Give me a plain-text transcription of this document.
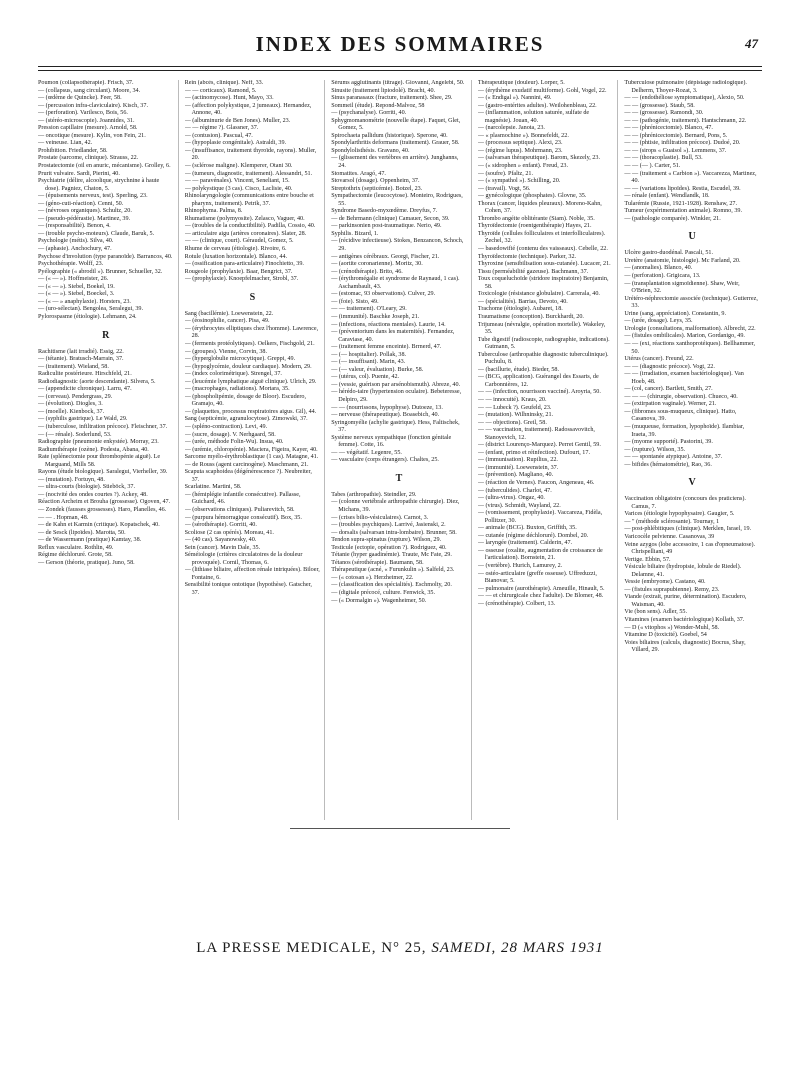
INDEX DES SOMMAIRES	47

Poumon (collapsothérapie). Frisch, 37.

— (collapsus, sang circulant). Moore, 34.

— (œdème de Quincke). Feer, 58.

— (percussion infra-claviculaire). Kisch, 37.

— (perforation). Varilesco, Bois, 56.

— (stéréo-microscopie). Joannides, 31.

Pression capillaire (mesure). Arnold, 58.

— oncotique (mesure). Kylin, von Fein, 21.

— veineuse. Lian, 42.

Prohibition. Friedlander, 58.

Prostate (sarcome, clinique). Strauss, 22.

Prostatectomie (oil en anuric, mécanisme). Grolley, 6.

Prurit vulvaire. Sardi, Pierini, 40.

Psychiatrie (délire, alcoolique, strychnine à haute dose). Pagniez, Chaton, 5.

— (épuisements nerveux, test). Sperling, 23.

— (géno-cuti-réaction). Cenni, 50.

— (névroses organiques). Schultz, 20.

— (pseudo-pédérastie). Martinez, 39.

— (responsabilité). Benon, 4.

— (trouble psycho-moteurs). Claude, Baruk, 5.

Psychologie (métis). Silva, 40.

— (aphasie). Anchochury, 47.

Psychose d'involution (type paranoïde). Barrancos, 40.

Psychothérapie. Wolff, 23.

Pyélographie (« abrodil »). Brunner, Schueller, 32.

— (« — »). Hoffmeister, 26.

— (« — »). Siebel, Boekel, 19.

— (« — »). Siebel, Boeckel, 3.

— (« — » anaphylaxie). Horsters, 23.

— (uro-sélectan). Bengolea, Seralegui, 39.

Pylorospasme (étiologie). Lehmann, 24.

R

Rachitisme (lait irradié). Essig, 22.

— (tétanie). Bratusch-Marrain, 37.

— (traitement). Wieland, 58.

Radiculite postérieure. Hirschfeld, 21.

Radiodiagnostic (aorte descendante). Silvera, 5.

— (appendicite chronique). Larru, 47.

— (cerveau). Pendergrass, 29.

— (évolution). Diogles, 3.

— (moelle). Kienbock, 37.

— (syphilis gastrique). Le Wald, 29.

— (tuberculose, infiltration précoce). Fleischner, 37.

— (— rénale). Soderlund, 53.

Radiographie (pneumonie enkystée). Morray, 23.

Radiumthérapie (ozène). Podesta, Abana, 40.

Rate (splénectomie pour thrombopénie aiguë). Le Marguand, Mills 58.

Rayons (étude biologique). Saralegui, Vierheller, 39.

— (mutation). Fortuyn, 48.

— ultra-courts (biologie). Stieböck, 37.

— (nocivité des ondes courtes ?). Ackey, 48.

Réaction Archeim et Brouha (grossesse). Ogoven, 47.

— Zondek (fausses grossesses). Haro, Planelles, 46.

— — . Hopman, 48.

— de Kahn et Karmin (critique). Kopatschek, 40.

— de Sesck (lipoïdes). Marotta, 50.

— de Wassermann (pratique) Kamtay, 38.

Reflux vasculaire. Rothlin, 49.

Régime déchloruré. Grote, 58.

— Gerson (théorie, pratique). Juno, 58.

Rein (abcès, clinique). Neff, 33.

— — corticaux). Ramond, 5.

— (actinomycose). Hunt, Mayo, 33.

— (affection polykystique, 2 jumeaux). Hernandez, Annone, 40.

— (albuminurie de Ben Jones). Muller, 23.

— — régime ?). Glassner, 37.

— (contusion). Pascual, 47.

— (hypoplasie congénitale). Astraldi, 39.

— (insuffisance, traitement thyroïde, rayons). Muller, 20.

— (sclérose maligne). Klemperer, Otani 30.

— (tumeurs, diagnostic, traitement). Alessandri, 51.

— — paravénales). Vincent, Seneliant, 15.

— polykystique (3 cas). Cisco, Laclisie, 40.

Rhinolaryngologie (communications entre bouche et pharynx, traitement). Petrik, 37.

Rhinophyma. Palma, 8.

Rhumatisme (polymyosite). Zelasco, Vaguer, 40.

— (troubles de la conductibilité). Padilla, Cossio, 40.

— articulaire aigu (artères coronaires). Slater, 28.

— — (clinique, court). Géraudel, Gomez, 5.

Rhume de cerveau (étiologie). Rivoire, 6.

Rotule (luxation horizontale). Blanco, 44.

— (ossification para-articulaire) Finochietto, 39.

Rougeole (prophylaxie). Baar, Bengrict, 37.

— (prophylaxie). Knoepfelmacher, Strobl, 37.

S

Sang (bacillémie). Loewenstein, 22.

— (éosinophilie, cancer). Pisa, 49.

— (érythrocytes elliptiques chez l'homme). Lawrence, 28.

— (ferments protéolytiques). Oelkers, Fischgold, 21.

— (groupes). Vienne, Corvin, 38.

— (hyperglobulie microcytique). Greppi, 49.

— (hypoglycémie, douleur cardiaque). Modern, 29.

— (index colorimétrique). Strengel, 37.

— (leucémie lymphatique aiguë clinique). Ulrich, 29.

— (macrophages, radiations). Mortara, 35.

— (phospholipémie, dosage de Bloor). Escudero, Gramajo, 40.

— (plaquettes, processus respiratoires aigus. Gil), 44.

Sang (septicémie, agranulocytose). Zimowski, 37.

— (spléno-contraction). Levi, 49.

— (sucre, dosage). V. Nerhgaard, 58.

— (urée, méthode Folin-Wu). Insua, 40.

— (urémie, chloropénie). Maciera, Figeira, Kayer, 40.

Sarcome myélo-érythroblastique (1 cas). Matagne, 41.

— de Rouss (agent carcinogène). Maschmann, 21.

Scaputa scaphoidea (dégénérescence ?). Neubreiter, 37.

Scarlatine. Martini, 58.

— (hémiplégie infantile consécutive). Pallasse, Guichard, 46.

— (observations cliniques). Puliarevitch, 58.

— (purpura hémorragique consécutif). Box, 35.

— (sérothérapie). Gorriti, 40.

Scoliose (2 cas opérés). Moreau, 41.

— (40 cas). Sayanowsky, 40.

Sein (cancer). Mavin Dale, 35.

Séméiologie (critères circulatoires de la douleur provoquée). Cornil, Thomas, 6.

— (lithiase biliaire, affection rénale intriquées). Biloer, Fontaine, 6.

Sensibilité tonique ontotique (hypothèse). Gatscher, 37.

Sérums agglutinants (titrage). Giovanni, Angelebi, 50.

Sinusite (traitement lipiodolé). Bracht, 40.

Sinus paranasaux (fracture, traitement). Shee, 29.

Sommeil (étude). Repond-Malvoz, 58

— (psychanalyse). Gorriti, 40.

Sphygmomanométrie (nouvelle étape). Faquet, Glet, Gomez, 5.

Spirochaeta pallidum (historique). Sperone, 40.

Spondylarthritis deformans (traitement). Grauer, 58.

Spondylolisthésis. Gravano, 40.

— (glissement des vertèbres en arrière). Junghanns, 24.

Stomatites. Aragó, 47.

Stovarsol (dosage). Oppenheim, 37.

Streptothrix (septicémie). Botzel, 23.

Sympathectomie (leucocytose). Monteiro, Rodrigues, 55.

Syndrome Basedo-myxœdème. Dreyfus, 7.

— de Behrmann (clinique) Camauer, Secon, 39.

— parkinsonien post-traumatique. Nerio, 49.

Syphilis. Bizard, 1.

— (récidive infectieuse). Stokes, Benzancon, Schoch, 29.

— antigènes cérébraux. Georgi, Fischer, 21.

— (aortite coronarienne). Moritz, 30.

— (crénothérapie). Brito, 46.

— (érythromégalie et syndrome de Raynaud, 1 cas). Aschambault, 43.

— (estomac, 93 observations). Culver, 29.

— (foie). Sisto, 49.

— — traitement). O'Leary, 29.

— (immunité). Baschke Joseph, 21.

— (infections, réactions mentales). Laurie, 14.

— (préventorium dans les maternités). Fernandez, Caraviase, 40.

— (traitement femme enceinte). Brrnerd, 47.

— (— hospitalier). Pollak, 38.

— (— insuffisant). Marin, 43.

— (— valeur, évaluation). Burke, 58.

— (utérus, col). Puente, 42.

— (vessie, guérison par arsénobismuth). Abreze, 40.

— hérédo-taire (hypertension oculaire). Bebeteresse, Delpiro, 29.

— — (nourrissons, hypophyse). Dutoeze, 13.

— nerveuse (thérapeutique). Boasebich, 40.

Syringomyélie (achylie gastrique). Hess, Faltischek, 37.

Système nerveux sympathique (fonction génitale femme). Cotte, 16.

— — végétatif. Legenre, 55.

— vasculaire (corps étrangers). Chaltes, 25.

T

Tabes (arthropathie). Steindler, 29.

— (colonne vertébrale arthropathie chirurgie). Diez, Michans, 39.

— (crises bilio-vésiculaires). Carnot, 3.

— (troubles psychiques). Larrivé, Jasienski, 2.

— dorsalis (salvarsan intra-lombaire). Brunner, 58.

Tendon supra-spinatus (rupture). Wilson, 29.

Testicule (ectopie, opération ?). Rodriguez, 40.

Tétanie (hyper gaadinémie). Traute, Mc Fate, 29.

Tétanos (sérothérapie). Baumann, 58.

Thérapeutique (acné, « Furunkulin »). Salfeld, 23.

— (« cotosan »). Herzheimer, 22.

— (classification des spécialités). Eschmolty, 20.

— (digitale précocé, culture. Fenwick, 35.

— (« Dormalgin »). Wagenheimer, 50.

Thérapeutique (douleur). Lorper, 5.

— (érythème exudatif multiforme). Gohl, Vogel, 22.

— (« Endigal »). Nannini, 49.

— (gastro-entérites adultes). Weilohenbleau, 22.

— (inflammation, solution saturée, sulfate de magnésie). Jouan, 40.

— (narcolepsie. Janota, 23.

— « plasmochine »). Bonnefeldt, 22.

— (processus septique). Alexi, 23.

— (régime lupus). Mohrmann, 23.

— (salvarsan thérapeutique). Barom, Skezely, 23.

— (« sidrophen » enfant). Freud, 23.

— (soufre). Pfaltz, 21.

— (« sympathol »). Schilling, 20.

— (travail). Vogt, 56.

— gynécologique (phosphates). Glovne, 35.

Thorax (cancer, liquides pleuraux). Moreno-Kahn, Cohen, 37.

Thrombo angéite oblitérante (Siam). Noble, 35.

Thyroïdectomie (roentgenthérapie) Hayes, 21.

Thyroïde (cellules folliculaires et interfolliculaires). Zechel, 32.

— basedowifié (contenu des vaisseaux). Cebelle, 22.

Thyroïdectomie (technique). Parker, 32.

Thyroxine (sensibilisation sous-cutanée). Lucacer, 21.

Tissu (perméabilité gazeuse). Bachmann, 37.

Toux coqueluchoïde (stridore inspiratoire) Benjamin, 58.

Toxicologie (résistance globulaire). Carrerala, 40.

— (spécialités). Barrias, Devoto, 40.

Trachome (étiologie). Aubaret, 18.

Traumatisme (conception). Burckhardt, 20.

Trijumeau (névralgie, opération mortelle). Wakeley, 35.

Tube digestif (radioscopie, radiographie, indications). Gutmann, 5.

Tuberculose (arthropathie diagnostic tuberculinique). Puchulu, 8.

— (bacillurie, étude). Bieder, 58.

— (BCG, application). Guérangel des Essarts, de Carbonnières, 12.

— — (infection, nourrisson vacciné). Aroyria, 50.

— — innocuité). Kraus, 20.

— — Lubeck ?). Geufeld, 23.

— (mutation). Wilhninsky, 21.

— — objections). Greil, 58.

— — vaccination, traitement). Radossavovitch, Stanoyevich, 12.

— (district Lourenço-Marquez). Perret Gentil, 59.

— (enfant, primo et réinfection). Dufourt, 17.

— (immunisation). Rupilius, 22.

— (immunité). Loewenstein, 37.

— (prévention). Magliano, 40.

— (réaction de Vernes). Faucon, Angeneau, 46.

— (tuberculides). Charlot, 47.

— (ultra-virus). Ongaz, 40.

— (virus). Schmidt, Wayland, 22.

— (vomissement, prophylaxie). Vaccareza, Fidèla, Pollitzer, 30.

— animale (BCG). Buxton, Griffith, 35.

— cutanée (régime déchloruré). Dombel, 20.

— laryngée (traitement). Calderin, 47.

— osseuse (oxalite, augmentation de croissance de l'articulation). Bornstein, 21.

— (vertèbre). Hurich, Lamurey, 2.

— ostéo-articulaire (greffe osseuse). Uffreduzzi, Bianovar, 5.

— pulmonaire (aurothérapie). Ameuille, Hinault, 5.

— — et chirurgicale chez l'adulte). De Blomer, 48.

— (crénothérapie). Colbert, 13.

Tuberculose pulmonaire (dépistage radiologique). Delherm, Thoyer-Rozat, 3.

— — (endothéliose symptomatique), Alexio, 50.

— — (grossesse). Staub, 58.

— — (grossesse). Ramondi, 30.

— — (pathogénie, traitement). Hantschmann, 22.

— — (phrénicectomie). Blanco, 47.

— — (phrénicectomie). Bernard, Pons, 5.

— — (phtisie, infiltration précoce). Dudoé, 20.

— — (sirops « Guaisol »). Lemmens, 37.

— — (thoracoplastie). Bull, 53.

— — (— ). Carter, 51.

— — (traitement « Carbion »). Vaccarezza, Martinez, 40.

— — (variations lipoïdes). Restia, Escudel, 39.

— rénale (enfant). Wendlandk, 18.

Tularémie (Russie, 1921-1928). Renshaw, 27.

Tumeur (expérimentation animale). Romno, 39.

— (pathologie comparée). Winkler, 21.

U

Ulcère gastro-duodénal. Pascali, 51.

Uretère (anatomie, histologie). Mc Farland, 20.

— (anomalies). Blanco, 40.

— (perforation). Grigicara, 13.

— (transplantation sigmoïdienne). Shaw, Weir, O'Brien, 32.

Urétéro-néphrectomie associée (technique). Gutierrez, 33.

Urine (sang, appréciation). Constantin, 9.

— (urée, dosage). Leys, 35.

Urologie (consultations, malformation). Albrecht, 22.

— (fistules ombilicales). Marion, Gordanigo, 49.

— — (exi, réactions xanthoprotéiques). Bellhammer, 50.

Utérus (cancer). Freund, 22.

— — (diagnostic précoce). Vogt, 22.

— — (irradiation, examen bactériologique). Van Hoeb, 48.

— (col, cancer). Bartlett, Smith, 27.

— — — (chirurgie, observation). Chueco, 40.

— (extirpation vaginale). Werner, 21.

— (fibromes sous-muqueux, clinique). Hatto, Casanova, 39.

— (muqueuse, formation, lypophoïde). Ilambiar, Iraeta, 39.

— (myome supporté). Pastorini, 39.

— (rupture). Wilson, 35.

— — spontanée atypique). Antoine, 37.

— bifides (hématométrie), Rao, 36.

V

Vaccination obligatoire (concours des praticiens). Camus, 7.

Varices (étiologie hypophysaire). Gaugier, 5.

— " (méthode sclérosante). Tournay, 1

— post-phlébitiques (clinique). Merklen, Israel, 19.

Varicocèle pelvienne. Casanovas, 39

Veine azygos (lobe accessoire, 1 cas d'opneumatose). Chrispelliani, 49

Vertige. Ebbin, 57.

Vésicule biliaire (hydropisie, lobule de Riedel). Delamne, 41.

Vessie (embryome). Castano, 40.

— (fistules suprapubienne). Remy, 23.

Viande (extrait, purine, détermination). Escudero, Waisman, 40.

Vie (bon sens). Adler, 55.

Vitamines (examen bactériologique) Kollath, 37.

— D (« vitophos ») Wonder-Muhl, 58.

Vitamine D (toxicité). Goebel, 54

Voies biliaires (calculs, diagnostic) Bocrus, Shay, Villard, 29.

LA PRESSE MEDICALE, N° 25, SAMEDI, 28 MARS 1931
